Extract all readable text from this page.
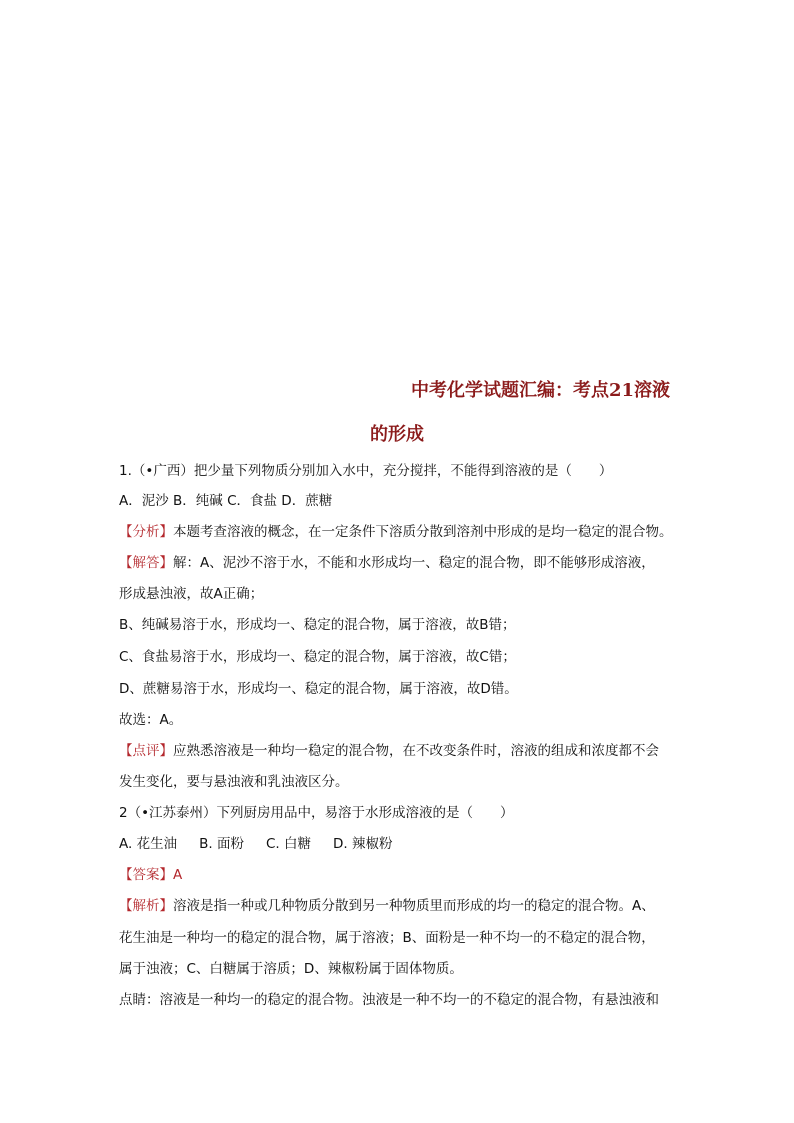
中考化学试题汇编：考点21溶液
的形成
1.（•广西）把少量下列物质分别加入水中，充分搅拌，不能得到溶液的是（　　）
A．泥沙 B．纯碱 C．食盐 D．蔗糖
【分析】本题考查溶液的概念，在一定条件下溶质分散到溶剂中形成的是均一稳定的混合物。
【解答】解：A、泥沙不溶于水，不能和水形成均一、稳定的混合物，即不能够形成溶液，
形成悬浊液，故A正确；
B、纯碱易溶于水，形成均一、稳定的混合物，属于溶液，故B错；
C、食盐易溶于水，形成均一、稳定的混合物，属于溶液，故C错；
D、蔗糖易溶于水，形成均一、稳定的混合物，属于溶液，故D错。
故选：A。
【点评】应熟悉溶液是一种均一稳定的混合物，在不改变条件时，溶液的组成和浓度都不会
发生变化，要与悬浊液和乳浊液区分。
2（•江苏泰州）下列厨房用品中，易溶于水形成溶液的是（　　）
A. 花生油 B. 面粉 C. 白糖 D. 辣椒粉
【答案】A
【解析】溶液是指一种或几种物质分散到另一种物质里而形成的均一的稳定的混合物。A、
花生油是一种均一的稳定的混合物，属于溶液；B、面粉是一种不均一的不稳定的混合物，
属于浊液；C、白糖属于溶质；D、辣椒粉属于固体物质。
点睛：溶液是一种均一的稳定的混合物。浊液是一种不均一的不稳定的混合物，有悬浊液和
